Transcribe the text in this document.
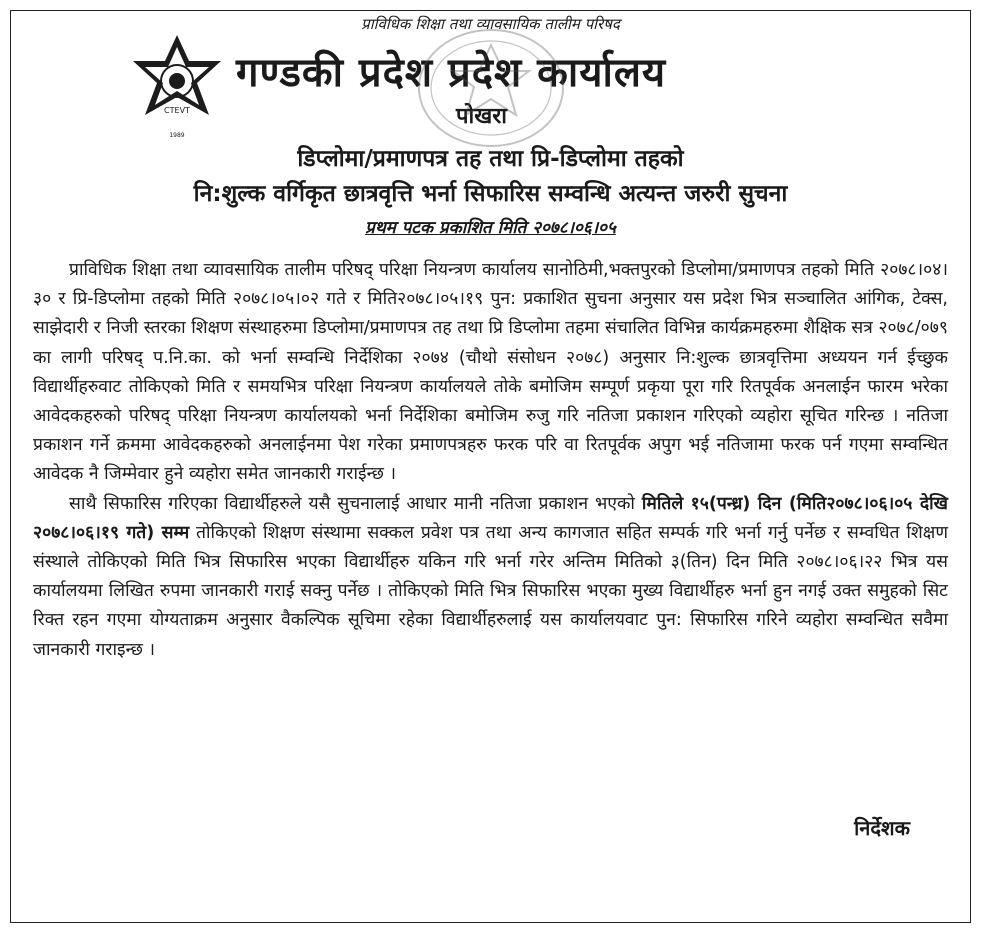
प्राविधिक शिक्षा तथा व्यावसायिक तालीम परिषद
CTEVT
1989
गण्डकी प्रदेश प्रदेश कार्यालय
पोखरा
डिप्लोमा/प्रमाणपत्र तह तथा प्रि-डिप्लोमा तहको
नि:शुल्क वर्गिकृत छात्रवृत्ति भर्ना सिफारिस सम्वन्धि अत्यन्त जरुरी सुचना
प्रथम पटक प्रकाशित मिति २०७८।०६।०५

प्राविधिक शिक्षा तथा व्यावसायिक तालीम परिषद् परिक्षा नियन्त्रण कार्यालय सानोठिमी,भक्तपुरको डिप्लोमा/प्रमाणपत्र तहको मिति २०७८।०४।३० र प्रि-डिप्लोमा तहको मिति २०७८।०५।०२ गते र मिति२०७८।०५।१९ पुन: प्रकाशित सुचना अनुसार यस प्रदेश भित्र सञ्चालित आंगिक, टेक्स, साझेदारी र निजी स्तरका शिक्षण संस्थाहरुमा डिप्लोमा/प्रमाणपत्र तह तथा प्रि डिप्लोमा तहमा संचालित विभिन्न कार्यक्रमहरुमा शैक्षिक सत्र २०७८/०७९ का लागी परिषद् प.नि.का. को भर्ना सम्वन्धि निर्देशिका २०७४ (चौथो संसोधन २०७८) अनुसार नि:शुल्क छात्रवृत्तिमा अध्ययन गर्न ईच्छुक विद्यार्थीहरुवाट तोकिएको मिति र समयभित्र परिक्षा नियन्त्रण कार्यालयले तोके बमोजिम सम्पूर्ण प्रकृया पूरा गरि रितपूर्वक अनलाईन फारम भरेका आवेदकहरुको परिषद् परिक्षा नियन्त्रण कार्यालयको भर्ना निर्देशिका बमोजिम रुजु गरि नतिजा प्रकाशन गरिएको व्यहोरा सूचित गरिन्छ । नतिजा प्रकाशन गर्ने क्रममा आवेदकहरुको अनलाईनमा पेश गरेका प्रमाणपत्रहरु फरक परि वा रितपूर्वक अपुग भई नतिजामा फरक पर्न गएमा सम्वन्धित आवेदक नै जिम्मेवार हुने व्यहोरा समेत जानकारी गराईन्छ ।

साथै सिफारिस गरिएका विद्यार्थीहरुले यसै सुचनालाई आधार मानी नतिजा प्रकाशन भएको मितिले १५(पन्ध्र) दिन (मिति२०७८।०६।०५ देखि २०७८।०६।१९ गते) सम्म तोकिएको शिक्षण संस्थामा सक्कल प्रवेश पत्र तथा अन्य कागजात सहित सम्पर्क गरि भर्ना गर्नु पर्नेछ र सम्वधित शिक्षण संस्थाले तोकिएको मिति भित्र सिफारिस भएका विद्यार्थीहरु यकिन गरि भर्ना गरेर अन्तिम मितिको ३(तिन) दिन मिति २०७८।०६।२२ भित्र यस कार्यालयमा लिखित रुपमा जानकारी गराई सक्नु पर्नेछ । तोकिएको मिति भित्र सिफारिस भएका मुख्य विद्यार्थीहरु भर्ना हुन नगई उक्त समुहको सिट रिक्त रहन गएमा योग्यताक्रम अनुसार वैकल्पिक सूचिमा रहेका विद्यार्थीहरुलाई यस कार्यालयवाट पुन: सिफारिस गरिने व्यहोरा सम्वन्धित सवैमा जानकारी गराइन्छ ।

निर्देशक
